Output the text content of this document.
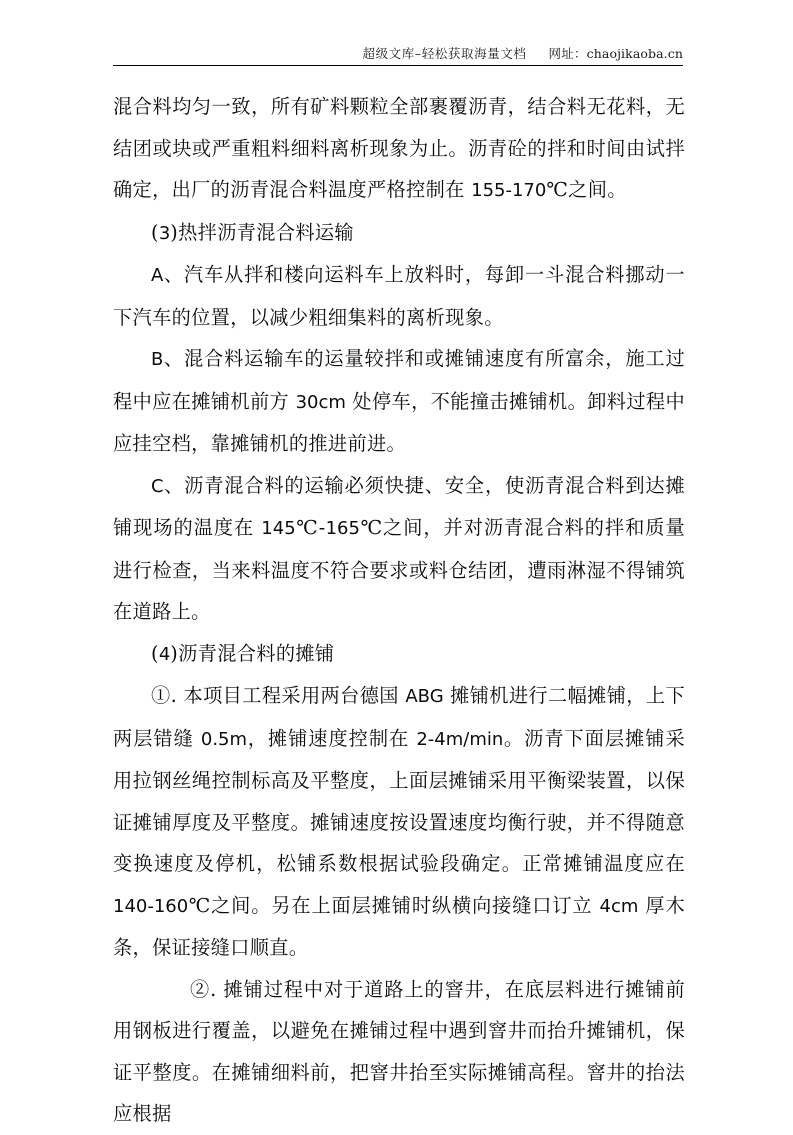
超级文库–轻松获取海量文档 网址：chaojikaoba.cn

混合料均匀一致，所有矿料颗粒全部裹覆沥青，结合料无花料，无结团或块或严重粗料细料离析现象为止。沥青砼的拌和时间由试拌确定，出厂的沥青混合料温度严格控制在 155-170℃之间。

(3)热拌沥青混合料运输

A、汽车从拌和楼向运料车上放料时，每卸一斗混合料挪动一下汽车的位置，以减少粗细集料的离析现象。

B、混合料运输车的运量较拌和或摊铺速度有所富余，施工过程中应在摊铺机前方 30cm 处停车，不能撞击摊铺机。卸料过程中应挂空档，靠摊铺机的推进前进。

C、沥青混合料的运输必须快捷、安全，使沥青混合料到达摊铺现场的温度在 145℃-165℃之间，并对沥青混合料的拌和质量进行检查，当来料温度不符合要求或料仓结团，遭雨淋湿不得铺筑在道路上。

(4)沥青混合料的摊铺

①. 本项目工程采用两台德国 ABG 摊铺机进行二幅摊铺，上下两层错缝 0.5m，摊铺速度控制在 2-4m/min。沥青下面层摊铺采用拉钢丝绳控制标高及平整度，上面层摊铺采用平衡梁装置，以保证摊铺厚度及平整度。摊铺速度按设置速度均衡行驶，并不得随意变换速度及停机，松铺系数根据试验段确定。正常摊铺温度应在 140-160℃之间。另在上面层摊铺时纵横向接缝口订立 4cm 厚木条，保证接缝口顺直。

②. 摊铺过程中对于道路上的窨井，在底层料进行摊铺前用钢板进行覆盖，以避免在摊铺过程中遇到窨井而抬升摊铺机，保证平整度。在摊铺细料前，把窨井抬至实际摊铺高程。窨井的抬法应根据
